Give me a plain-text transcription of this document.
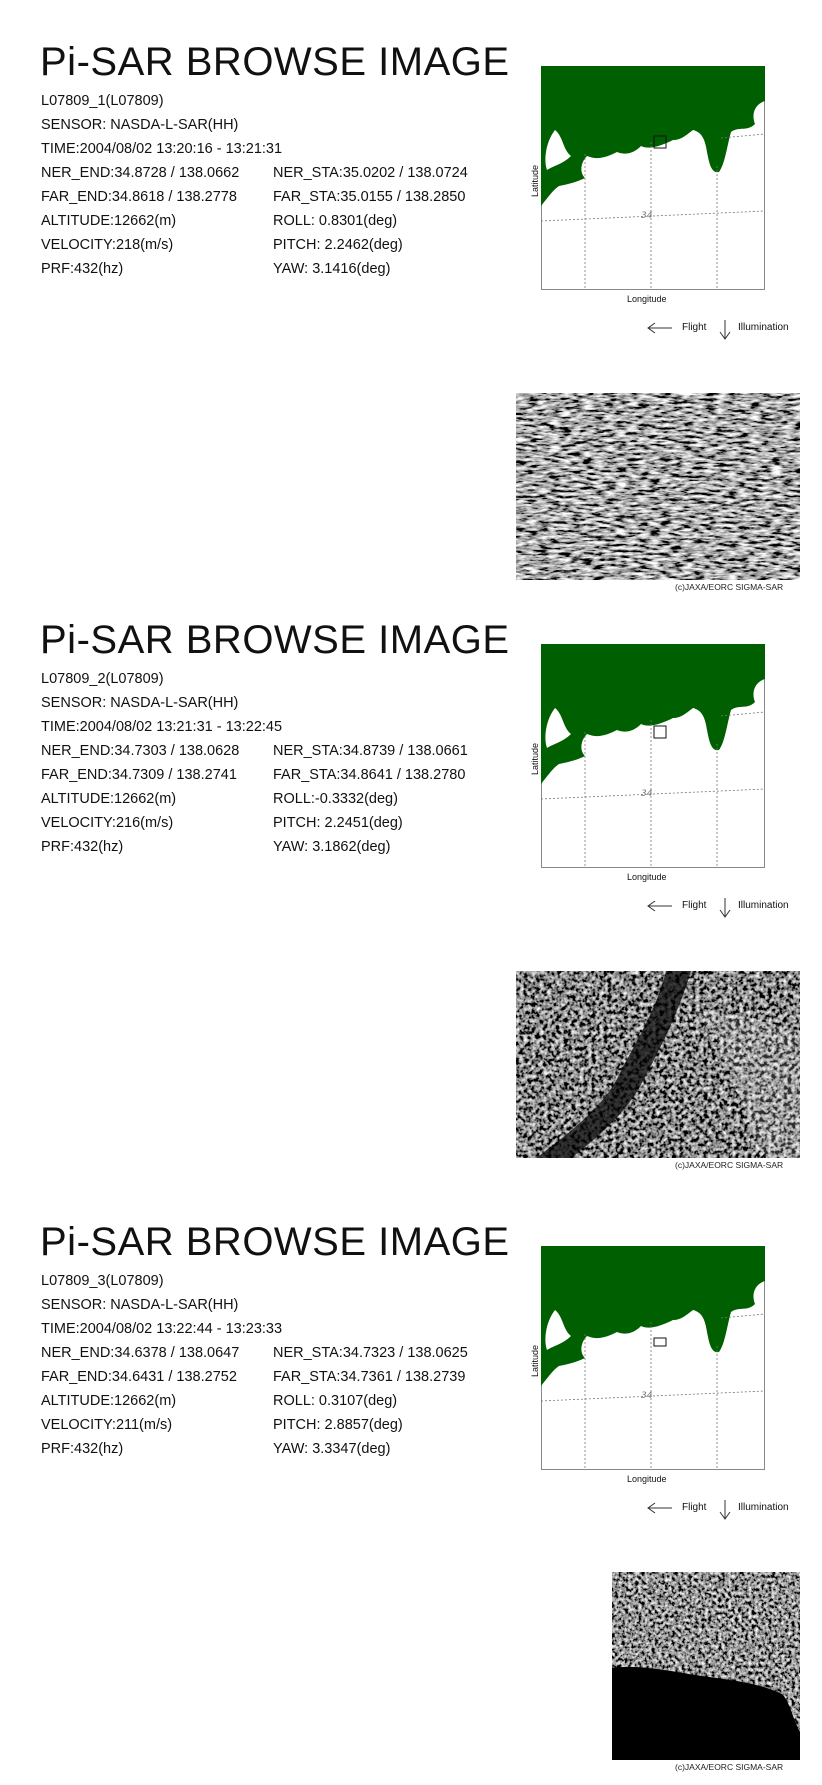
Pi-SAR BROWSE IMAGE
L07809_1(L07809)
SENSOR: NASDA-L-SAR(HH)
TIME:2004/08/02 13:20:16 - 13:21:31
NER_END:34.8728 / 138.0662 NER_STA:35.0202 / 138.0724
FAR_END:34.8618 / 138.2778 FAR_STA:35.0155 / 138.2850
ALTITUDE:12662(m)	ROLL: 0.8301(deg)
VELOCITY:218(m/s)	PITCH: 2.2462(deg)
PRF:432(hz)	YAW: 3.1416(deg)
34
Latitude
Longitude
Flight	Illumination
(c)JAXA/EORC SIGMA-SAR
Pi-SAR BROWSE IMAGE
L07809_2(L07809)
SENSOR: NASDA-L-SAR(HH)
TIME:2004/08/02 13:21:31 - 13:22:45
NER_END:34.7303 / 138.0628 NER_STA:34.8739 / 138.0661
FAR_END:34.7309 / 138.2741 FAR_STA:34.8641 / 138.2780
ALTITUDE:12662(m)	ROLL:-0.3332(deg)
VELOCITY:216(m/s)	PITCH: 2.2451(deg)
PRF:432(hz)	YAW: 3.1862(deg)
34
Latitude
Longitude
Flight	Illumination
(c)JAXA/EORC SIGMA-SAR
Pi-SAR BROWSE IMAGE
L07809_3(L07809)
SENSOR: NASDA-L-SAR(HH)
TIME:2004/08/02 13:22:44 - 13:23:33
NER_END:34.6378 / 138.0647 NER_STA:34.7323 / 138.0625
FAR_END:34.6431 / 138.2752 FAR_STA:34.7361 / 138.2739
ALTITUDE:12662(m)	ROLL: 0.3107(deg)
VELOCITY:211(m/s)	PITCH: 2.8857(deg)
PRF:432(hz)	YAW: 3.3347(deg)
34
Latitude
Longitude
Flight	Illumination
(c)JAXA/EORC SIGMA-SAR
